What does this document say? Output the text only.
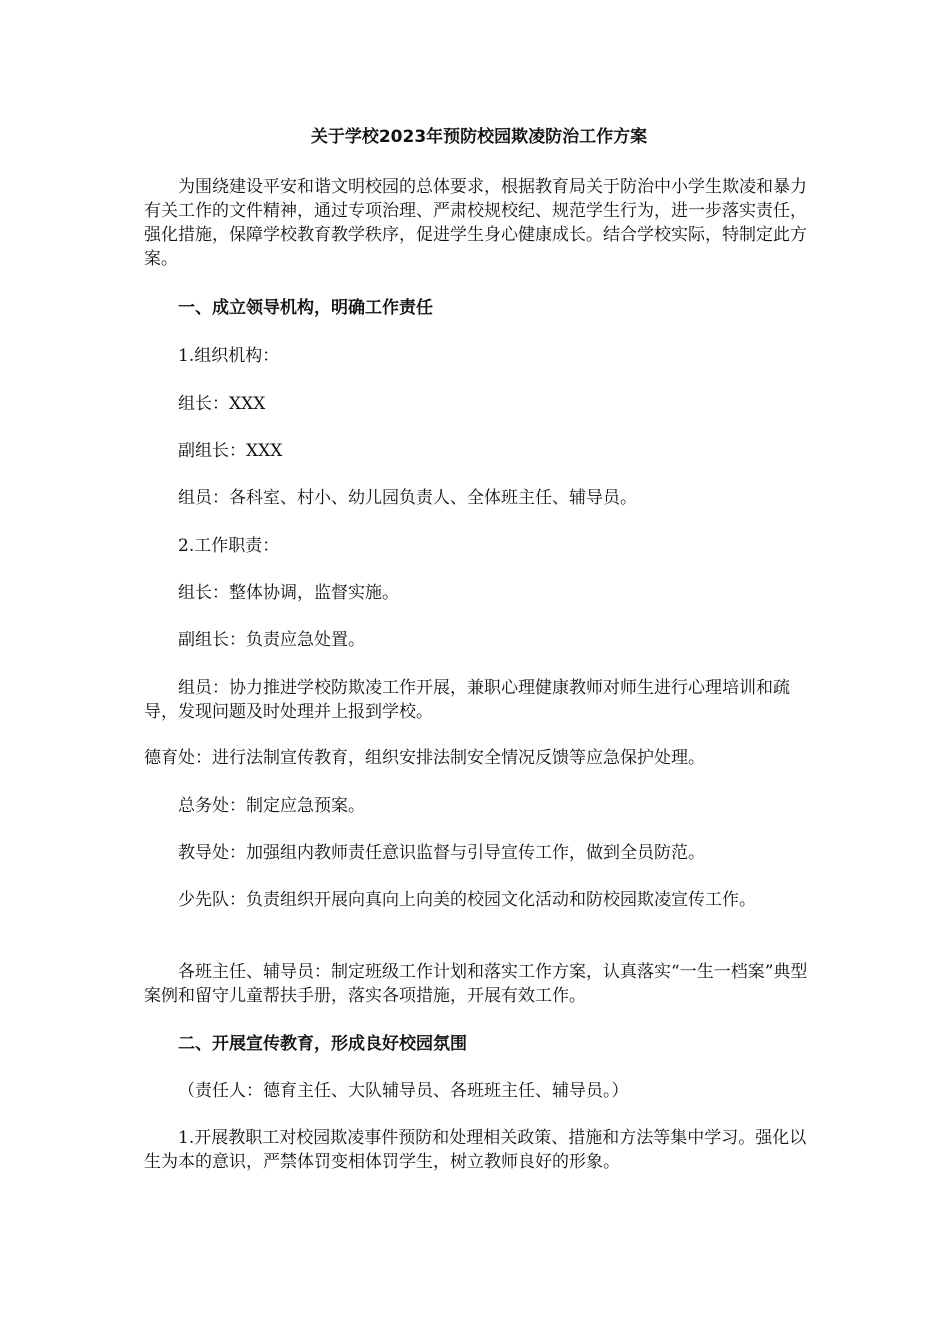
关于学校2023年预防校园欺凌防治工作方案

为围绕建设平安和谐文明校园的总体要求，根据教育局关于防治中小学生欺凌和暴力有关工作的文件精神，通过专项治理、严肃校规校纪、规范学生行为，进一步落实责任，强化措施，保障学校教育教学秩序，促进学生身心健康成长。结合学校实际，特制定此方案。

一、成立领导机构，明确工作责任

1.组织机构：

组长：XXX

副组长：XXX

组员：各科室、村小、幼儿园负责人、全体班主任、辅导员。

2.工作职责：

组长：整体协调，监督实施。

副组长：负责应急处置。

组员：协力推进学校防欺凌工作开展，兼职心理健康教师对师生进行心理培训和疏导，发现问题及时处理并上报到学校。

德育处：进行法制宣传教育，组织安排法制安全情况反馈等应急保护处理。

总务处：制定应急预案。

教导处：加强组内教师责任意识监督与引导宣传工作，做到全员防范。

少先队：负责组织开展向真向上向美的校园文化活动和防校园欺凌宣传工作。

各班主任、辅导员：制定班级工作计划和落实工作方案，认真落实“一生一档案”典型案例和留守儿童帮扶手册，落实各项措施，开展有效工作。

二、开展宣传教育，形成良好校园氛围

（责任人：德育主任、大队辅导员、各班班主任、辅导员。）

1.开展教职工对校园欺凌事件预防和处理相关政策、措施和方法等集中学习。强化以生为本的意识，严禁体罚变相体罚学生，树立教师良好的形象。
